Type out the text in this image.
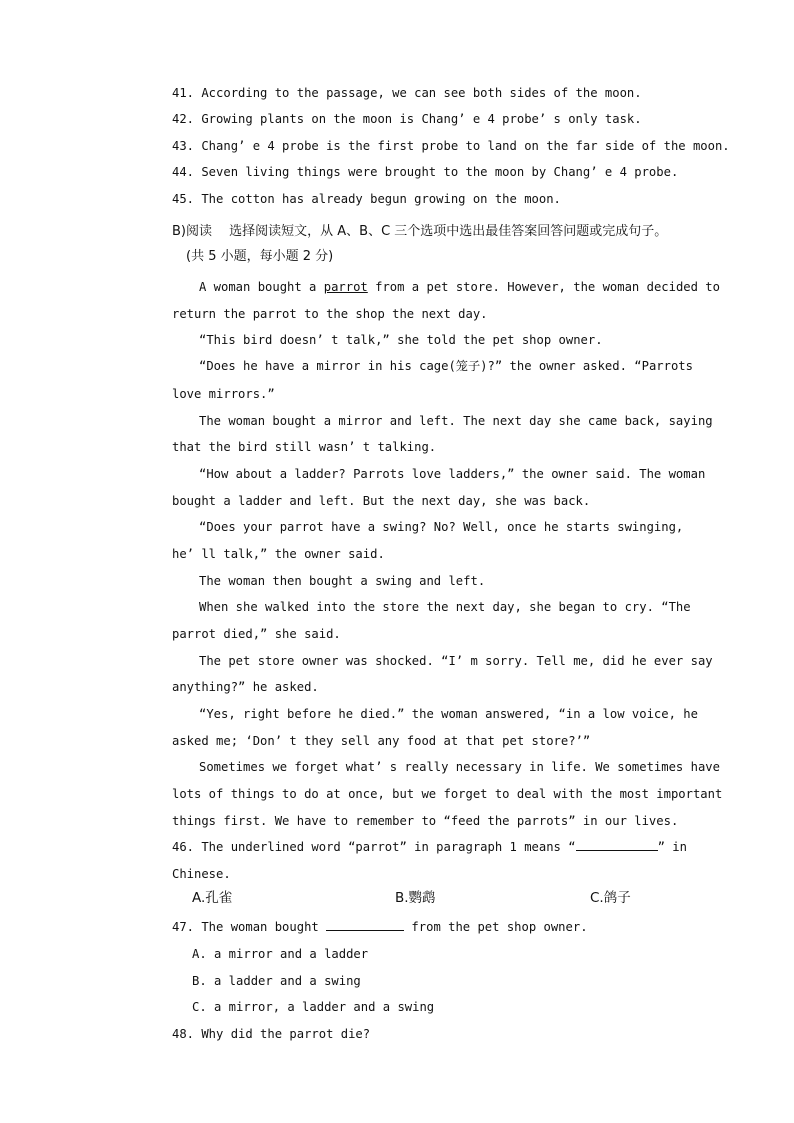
41. According to the passage, we can see both sides of the moon.
42. Growing plants on the moon is Chang’ e 4 probe’ s only task.
43. Chang’ e 4 probe is the first probe to land on the far side of the moon.
44. Seven living things were brought to the moon by Chang’ e 4 probe.
45. The cotton has already begun growing on the moon.
B)阅读　 选择阅读短文，从 A、B、C 三个选项中选出最佳答案回答问题或完成句子。
(共 5 小题，每小题 2 分)
A woman bought a parrot from a pet store. However, the woman decided to
return the parrot to the shop the next day.
“This bird doesn’ t talk,” she told the pet shop owner.
“Does he have a mirror in his cage(笼子)?” the owner asked. “Parrots
love mirrors.”
The woman bought a mirror and left. The next day she came back, saying
that the bird still wasn’ t talking.
“How about a ladder? Parrots love ladders,” the owner said. The woman
bought a ladder and left. But the next day, she was back.
“Does your parrot have a swing? No? Well, once he starts swinging,
he’ ll talk,” the owner said.
The woman then bought a swing and left.
When she walked into the store the next day, she began to cry. “The
parrot died,” she said.
The pet store owner was shocked. “I’ m sorry. Tell me, did he ever say
anything?” he asked.
“Yes, right before he died.” the woman answered, “in a low voice, he
asked me; ‘Don’ t they sell any food at that pet store?’”
Sometimes we forget what’ s really necessary in life. We sometimes have
lots of things to do at once, but we forget to deal with the most important
things first. We have to remember to “feed the parrots” in our lives.
46. The underlined word “parrot” in paragraph 1 means “	” in
Chinese.
A.孔雀	B.鹦鹉	C.鸽子
47. The woman bought	from the pet shop owner.
A. a mirror and a ladder
B. a ladder and a swing
C. a mirror, a ladder and a swing
48. Why did the parrot die?
